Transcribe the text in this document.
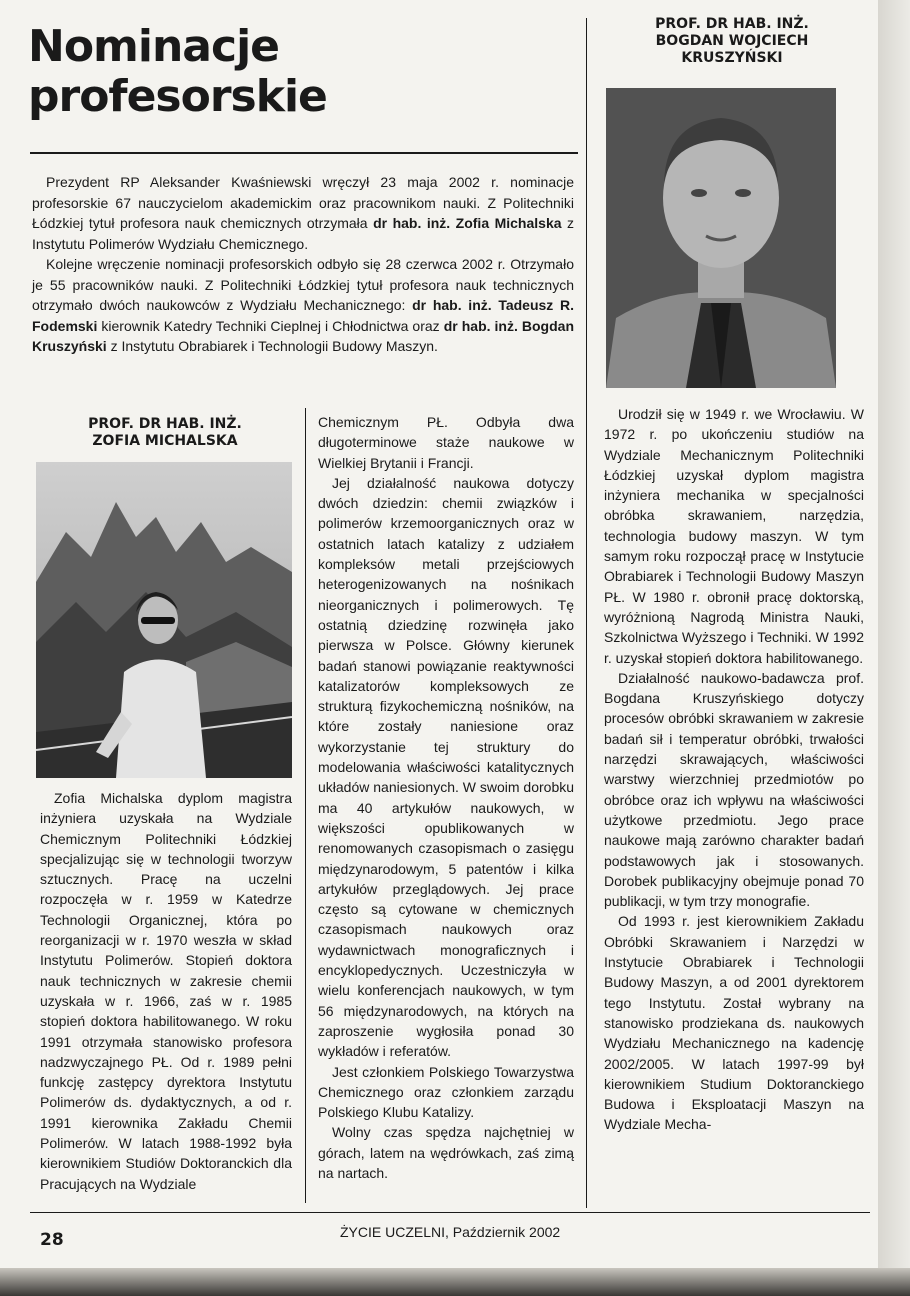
Nominacje
profesorskie

Prezydent RP Aleksander Kwaśniewski wręczył 23 maja 2002 r. nominacje profesorskie 67 nauczycielom akademickim oraz pracownikom nauki. Z Politechniki Łódzkiej tytuł profesora nauk chemicznych otrzymała dr hab. inż. Zofia Michalska z Instytutu Polimerów Wydziału Chemicznego.

Kolejne wręczenie nominacji profesorskich odbyło się 28 czerwca 2002 r. Otrzymało je 55 pracowników nauki. Z Politechniki Łódzkiej tytuł profesora nauk technicznych otrzymało dwóch naukowców z Wydziału Mechanicznego: dr hab. inż. Tadeusz R. Fodemski kierownik Katedry Techniki Cieplnej i Chłodnictwa oraz dr hab. inż. Bogdan Kruszyński z Instytutu Obrabiarek i Technologii Budowy Maszyn.

PROF. DR HAB. INŻ.
ZOFIA MICHALSKA

Zofia Michalska dyplom magistra inżyniera uzyskała na Wydziale Chemicznym Politechniki Łódzkiej specjalizując się w technologii tworzyw sztucznych. Pracę na uczelni rozpoczęła w r. 1959 w Katedrze Technologii Organicznej, która po reorganizacji w r. 1970 weszła w skład Instytutu Polimerów. Stopień doktora nauk technicznych w zakresie chemii uzyskała w r. 1966, zaś w r. 1985 stopień doktora habilitowanego. W roku 1991 otrzymała stanowisko profesora nadzwyczajnego PŁ. Od r. 1989 pełni funkcję zastępcy dyrektora Instytutu Polimerów ds. dydaktycznych, a od r. 1991 kierownika Zakładu Chemii Polimerów. W latach 1988-1992 była kierownikiem Studiów Doktoranckich dla Pracujących na Wydziale

Chemicznym PŁ. Odbyła dwa długoterminowe staże naukowe w Wielkiej Brytanii i Francji.

Jej działalność naukowa dotyczy dwóch dziedzin: chemii związków i polimerów krzemoorganicznych oraz w ostatnich latach katalizy z udziałem kompleksów metali przejściowych heterogenizowanych na nośnikach nieorganicznych i polimerowych. Tę ostatnią dziedzinę rozwinęła jako pierwsza w Polsce. Główny kierunek badań stanowi powiązanie reaktywności katalizatorów kompleksowych ze strukturą fizykochemiczną nośników, na które zostały naniesione oraz wykorzystanie tej struktury do modelowania właściwości katalitycznych układów naniesionych. W swoim dorobku ma 40 artykułów naukowych, w większości opublikowanych w renomowanych czasopismach o zasięgu międzynarodowym, 5 patentów i kilka artykułów przeglądowych. Jej prace często są cytowane w chemicznych czasopismach naukowych oraz wydawnictwach monograficznych i encyklopedycznych. Uczestniczyła w wielu konferencjach naukowych, w tym 56 międzynarodowych, na których na zaproszenie wygłosiła ponad 30 wykładów i referatów.

Jest członkiem Polskiego Towarzystwa Chemicznego oraz członkiem zarządu Polskiego Klubu Katalizy.

Wolny czas spędza najchętniej w górach, latem na wędrówkach, zaś zimą na nartach.

PROF. DR HAB. INŻ.
BOGDAN WOJCIECH
KRUSZYŃSKI

Urodził się w 1949 r. we Wrocławiu. W 1972 r. po ukończeniu studiów na Wydziale Mechanicznym Politechniki Łódzkiej uzyskał dyplom magistra inżyniera mechanika w specjalności obróbka skrawaniem, narzędzia, technologia budowy maszyn. W tym samym roku rozpoczął pracę w Instytucie Obrabiarek i Technologii Budowy Maszyn PŁ. W 1980 r. obronił pracę doktorską, wyróżnioną Nagrodą Ministra Nauki, Szkolnictwa Wyższego i Techniki. W 1992 r. uzyskał stopień doktora habilitowanego.

Działalność naukowo-badawcza prof. Bogdana Kruszyńskiego dotyczy procesów obróbki skrawaniem w zakresie badań sił i temperatur obróbki, trwałości narzędzi skrawających, właściwości warstwy wierzchniej przedmiotów po obróbce oraz ich wpływu na właściwości użytkowe przedmiotu. Jego prace naukowe mają zarówno charakter badań podstawowych jak i stosowanych. Dorobek publikacyjny obejmuje ponad 70 publikacji, w tym trzy monografie.

Od 1993 r. jest kierownikiem Zakładu Obróbki Skrawaniem i Narzędzi w Instytucie Obrabiarek i Technologii Budowy Maszyn, a od 2001 dyrektorem tego Instytutu. Został wybrany na stanowisko prodziekana ds. naukowych Wydziału Mechanicznego na kadencję 2002/2005. W latach 1997-99 był kierownikiem Studium Doktoranckiego Budowa i Eksploatacji Maszyn na Wydziale Mecha-

28	ŻYCIE UCZELNI, Październik 2002
